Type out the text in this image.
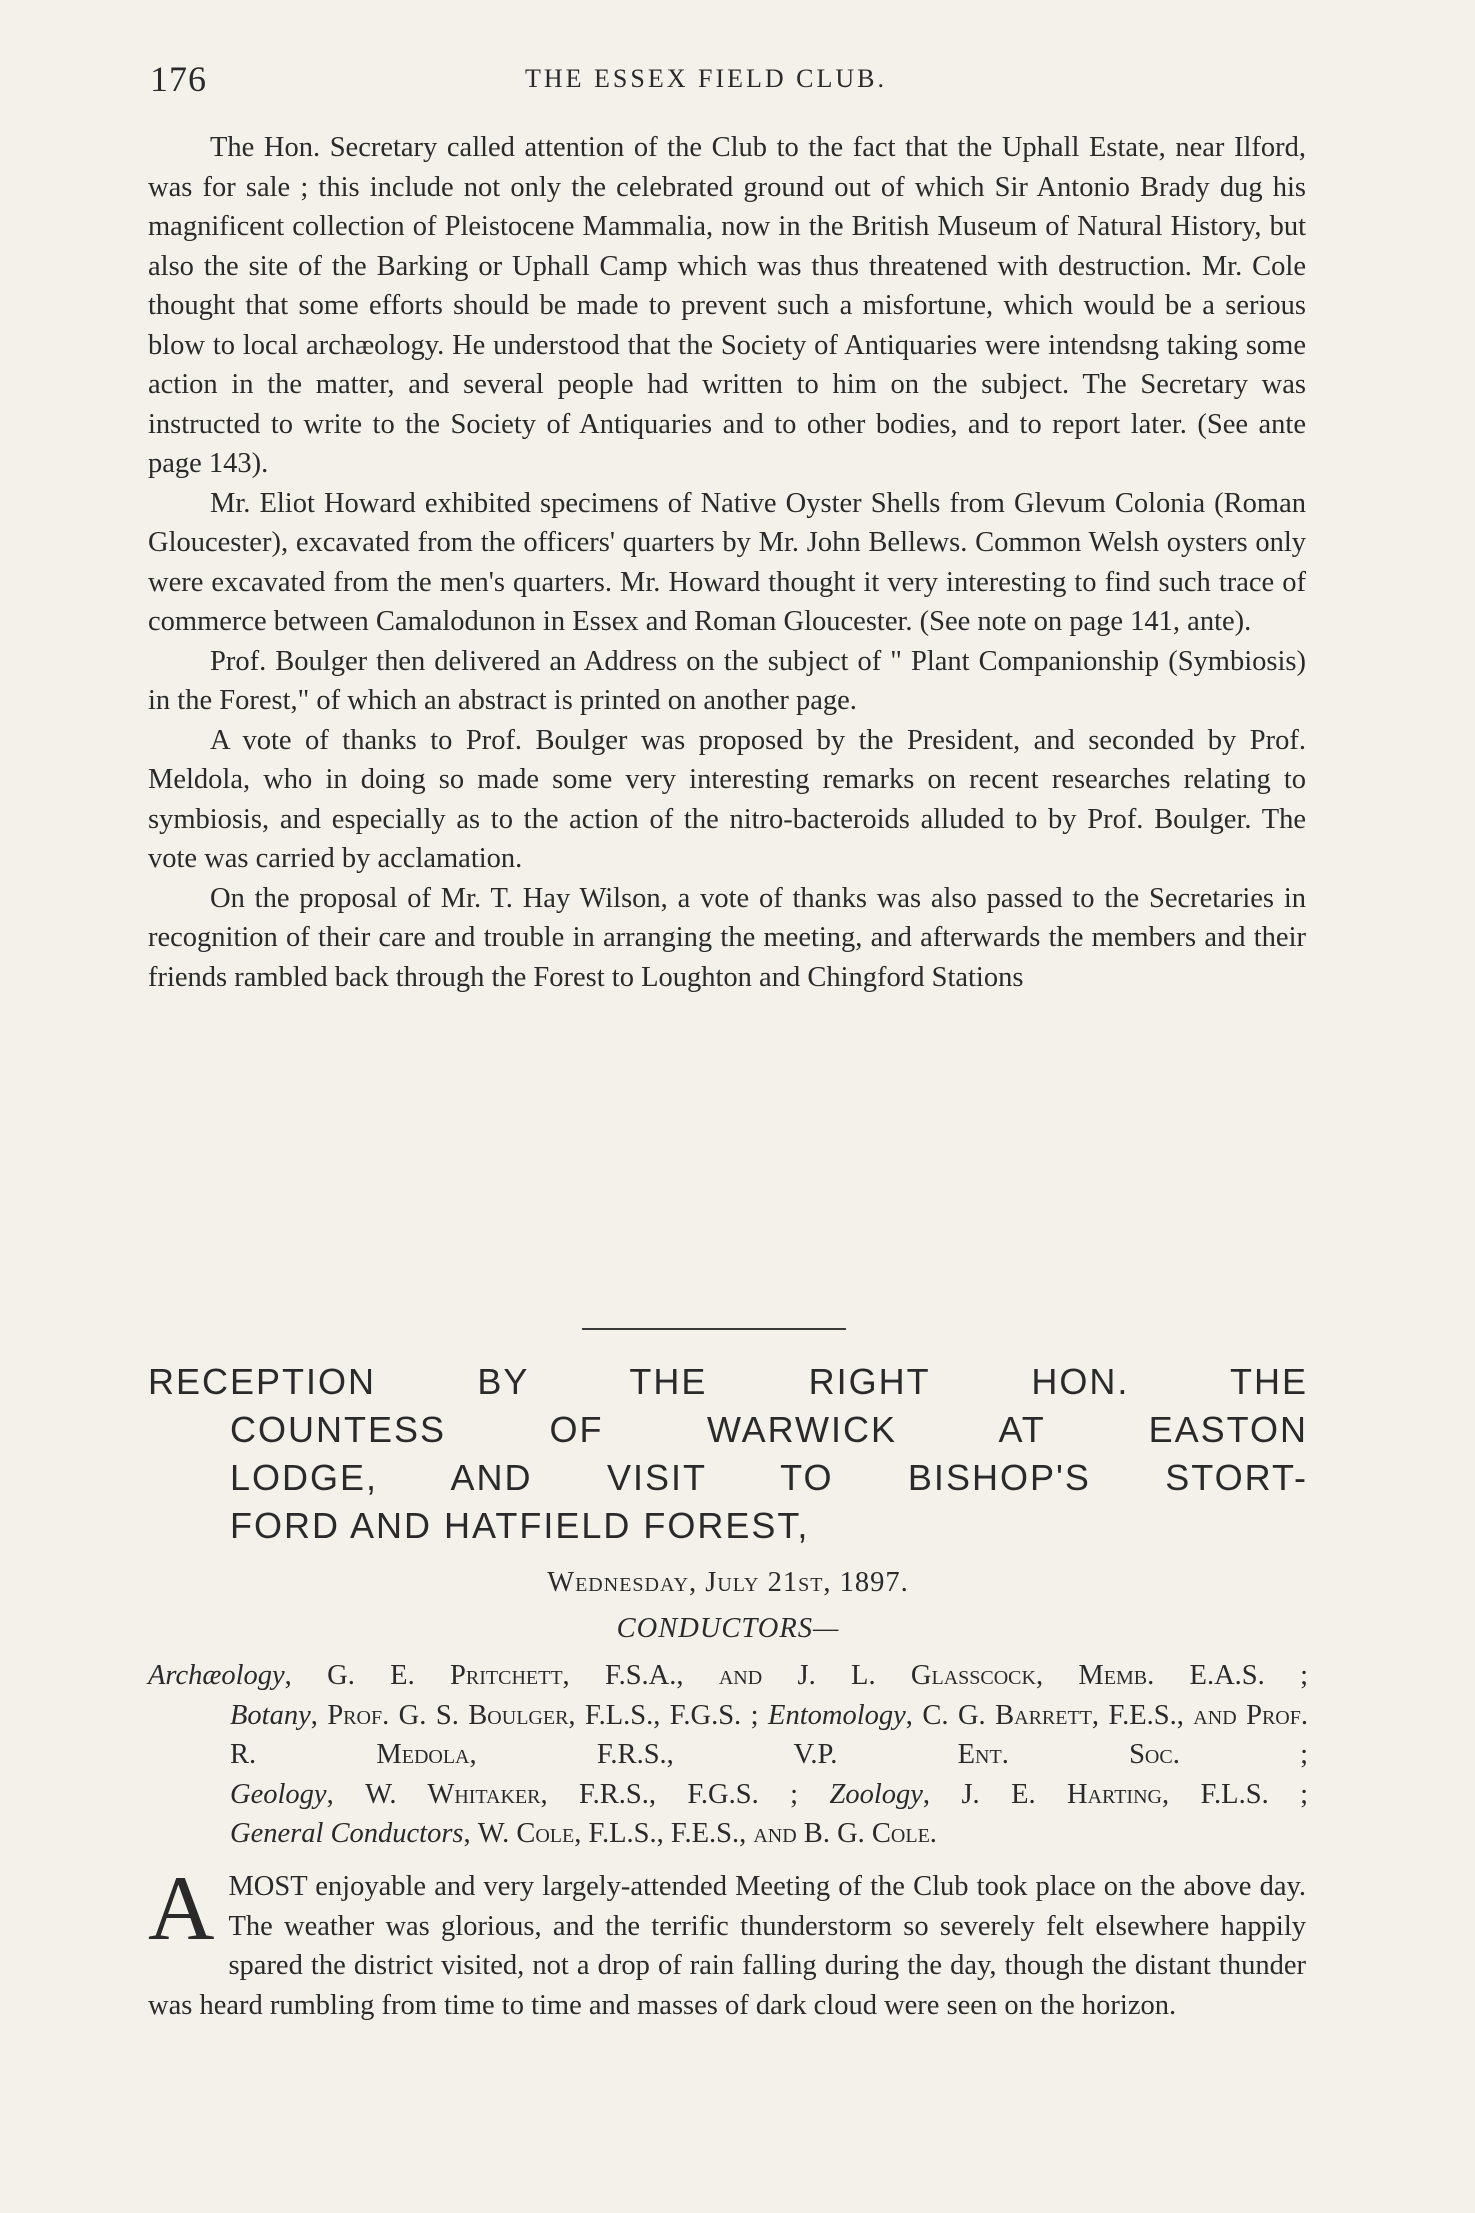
176	THE ESSEX FIELD CLUB.

The Hon. Secretary called attention of the Club to the fact that the Uphall Estate, near Ilford, was for sale ; this include not only the celebrated ground out of which Sir Antonio Brady dug his magnificent collection of Pleistocene Mammalia, now in the British Museum of Natural History, but also the site of the Barking or Uphall Camp which was thus threatened with destruction. Mr. Cole thought that some efforts should be made to prevent such a misfortune, which would be a serious blow to local archæology. He understood that the Society of Antiquaries were intendsng taking some action in the matter, and several people had written to him on the subject. The Secretary was instructed to write to the Society of Antiquaries and to other bodies, and to report later. (See ante page 143).

Mr. Eliot Howard exhibited specimens of Native Oyster Shells from Glevum Colonia (Roman Gloucester), excavated from the officers' quarters by Mr. John Bellews. Common Welsh oysters only were excavated from the men's quarters. Mr. Howard thought it very interesting to find such trace of commerce between Camalodunon in Essex and Roman Gloucester. (See note on page 141, ante).

Prof. Boulger then delivered an Address on the subject of " Plant Companionship (Symbiosis) in the Forest," of which an abstract is printed on another page.

A vote of thanks to Prof. Boulger was proposed by the President, and seconded by Prof. Meldola, who in doing so made some very interesting remarks on recent researches relating to symbiosis, and especially as to the action of the nitro-bacteroids alluded to by Prof. Boulger. The vote was carried by acclamation.

On the proposal of Mr. T. Hay Wilson, a vote of thanks was also passed to the Secretaries in recognition of their care and trouble in arranging the meeting, and afterwards the members and their friends rambled back through the Forest to Loughton and Chingford Stations

RECEPTION BY THE RIGHT HON. THE
COUNTESS OF WARWICK AT EASTON
LODGE, AND VISIT TO BISHOP'S STORT-
FORD AND HATFIELD FOREST,
Wednesday, July 21st, 1897.
CONDUCTORS—
Archæology, G. E. Pritchett, F.S.A., and J. L. Glasscock, Memb. E.A.S. ;
Botany, Prof. G. S. Boulger, F.L.S., F.G.S. ; Entomology, C. G. Barrett, F.E.S., and Prof. R. Medola, F.R.S., V.P. Ent. Soc. ;
Geology, W. Whitaker, F.R.S., F.G.S. ; Zoology, J. E. Harting, F.L.S. ;
General Conductors, W. Cole, F.L.S., F.E.S., and B. G. Cole.

AMOST enjoyable and very largely-attended Meeting of the Club took place on the above day. The weather was glorious, and the terrific thunderstorm so severely felt elsewhere happily spared the district visited, not a drop of rain falling during the day, though the distant thunder was heard rumbling from time to time and masses of dark cloud were seen on the horizon.
